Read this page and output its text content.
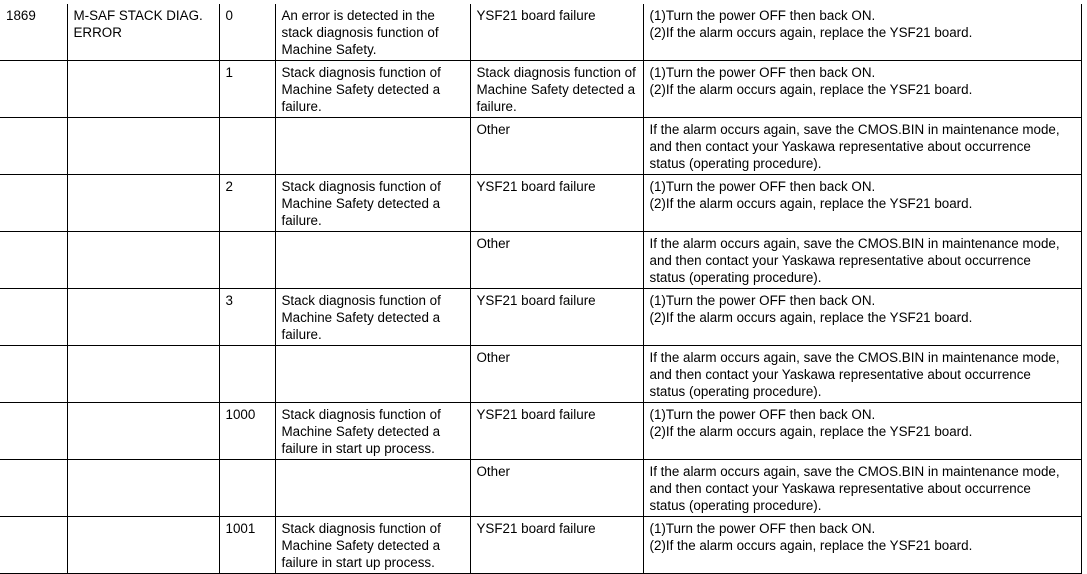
1869	M-SAF STACK DIAG.
ERROR	0	An error is detected in the
stack diagnosis function of
Machine Safety.	YSF21 board failure	(1)Turn the power OFF then back ON.
(2)If the alarm occurs again, replace the YSF21 board.

		1	Stack diagnosis function of
Machine Safety detected a
failure.	Stack diagnosis function of
Machine Safety detected a
failure.	(1)Turn the power OFF then back ON.
(2)If the alarm occurs again, replace the YSF21 board.

				Other	If the alarm occurs again, save the CMOS.BIN in maintenance mode,
and then contact your Yaskawa representative about occurrence
status (operating procedure).

		2	Stack diagnosis function of
Machine Safety detected a
failure.	YSF21 board failure	(1)Turn the power OFF then back ON.
(2)If the alarm occurs again, replace the YSF21 board.

				Other	If the alarm occurs again, save the CMOS.BIN in maintenance mode,
and then contact your Yaskawa representative about occurrence
status (operating procedure).

		3	Stack diagnosis function of
Machine Safety detected a
failure.	YSF21 board failure	(1)Turn the power OFF then back ON.
(2)If the alarm occurs again, replace the YSF21 board.

				Other	If the alarm occurs again, save the CMOS.BIN in maintenance mode,
and then contact your Yaskawa representative about occurrence
status (operating procedure).

		1000	Stack diagnosis function of
Machine Safety detected a
failure in start up process.	YSF21 board failure	(1)Turn the power OFF then back ON.
(2)If the alarm occurs again, replace the YSF21 board.

				Other	If the alarm occurs again, save the CMOS.BIN in maintenance mode,
and then contact your Yaskawa representative about occurrence
status (operating procedure).

		1001	Stack diagnosis function of
Machine Safety detected a
failure in start up process.	YSF21 board failure	(1)Turn the power OFF then back ON.
(2)If the alarm occurs again, replace the YSF21 board.
